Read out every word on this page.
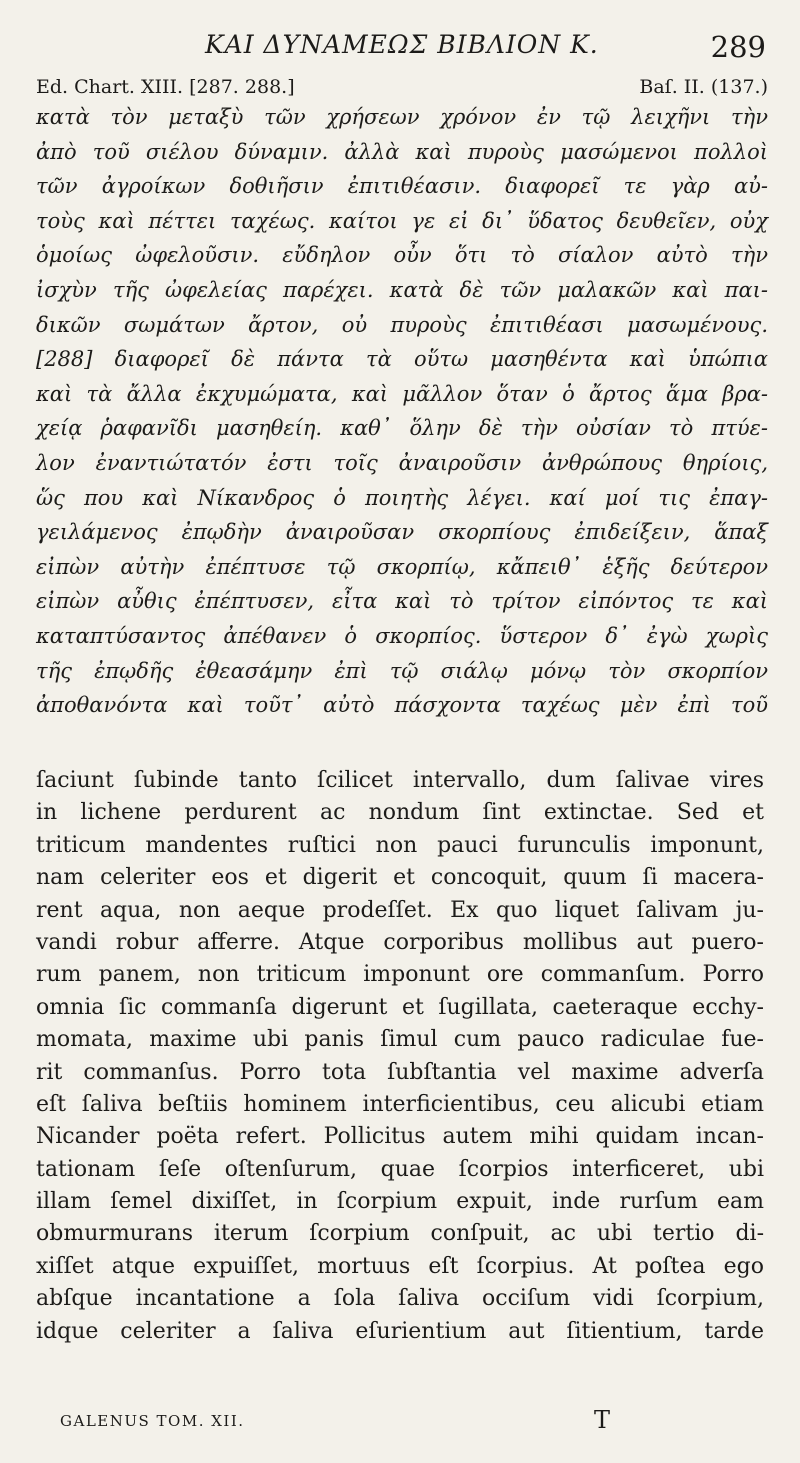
ΚΑΙ ΔΥΝΑΜΕΩΣ ΒΙΒΛΙΟΝ Κ.	289
Ed. Chart. XIII. [287. 288.]	Baſ. II. (137.)
κατὰ τὸν μεταξὺ τῶν χρήσεων χρόνον ἐν τῷ λειχῆνι τὴν
ἀπὸ τοῦ σιέλου δύναμιν. ἀλλὰ καὶ πυροὺς μασώμενοι πολλοὶ
τῶν ἀγροίκων δοθιῆσιν ἐπιτιθέασιν. διαφορεῖ τε γὰρ αὐ-
τοὺς καὶ πέττει ταχέως. καίτοι γε εἰ δι᾽ ὕδατος δευθεῖεν, οὐχ
ὁμοίως ὠφελοῦσιν. εὔδηλον οὖν ὅτι τὸ σίαλον αὐτὸ τὴν
ἰσχὺν τῆς ὠφελείας παρέχει. κατὰ δὲ τῶν μαλακῶν καὶ παι-
δικῶν σωμάτων ἄρτον, οὐ πυροὺς ἐπιτιθέασι μασωμένους.
[288] διαφορεῖ δὲ πάντα τὰ οὕτω μασηθέντα καὶ ὑπώπια
καὶ τὰ ἄλλα ἐκχυμώματα, καὶ μᾶλλον ὅταν ὁ ἄρτος ἅμα βρα-
χείᾳ ῥαφανῖδι μασηθείη. καθ᾽ ὅλην δὲ τὴν οὐσίαν τὸ πτύε-
λον ἐναντιώτατόν ἐστι τοῖς ἀναιροῦσιν ἀνθρώπους θηρίοις,
ὥς που καὶ Νίκανδρος ὁ ποιητὴς λέγει. καί μοί τις ἐπαγ-
γειλάμενος ἐπῳδὴν ἀναιροῦσαν σκορπίους ἐπιδείξειν, ἅπαξ
εἰπὼν αὐτὴν ἐπέπτυσε τῷ σκορπίῳ, κἄπειθ᾽ ἑξῆς δεύτερον
εἰπὼν αὖθις ἐπέπτυσεν, εἶτα καὶ τὸ τρίτον εἰπόντος τε καὶ
καταπτύσαντος ἀπέθανεν ὁ σκορπίος. ὕστερον δ᾽ ἐγὼ χωρὶς
τῆς ἐπῳδῆς ἐθεασάμην ἐπὶ τῷ σιάλῳ μόνῳ τὸν σκορπίον
ἀποθανόντα καὶ τοῦτ᾽ αὐτὸ πάσχοντα ταχέως μὲν ἐπὶ τοῦ
ſaciunt ſubinde tanto ſcilicet intervallo, dum ſalivae vires
in lichene perdurent ac nondum ſint extinctae. Sed et
triticum mandentes ruſtici non pauci furunculis imponunt,
nam celeriter eos et digerit et concoquit, quum ſi macera-
rent aqua, non aeque prodeſſet. Ex quo liquet ſalivam ju-
vandi robur afferre. Atque corporibus mollibus aut puero-
rum panem, non triticum imponunt ore commanſum. Porro
omnia ſic commanſa digerunt et ſugillata, caeteraque ecchy-
momata, maxime ubi panis ſimul cum pauco radiculae fue-
rit commanſus. Porro tota ſubſtantia vel maxime adverſa
eſt ſaliva beſtiis hominem interficientibus, ceu alicubi etiam
Nicander poëta refert. Pollicitus autem mihi quidam incan-
tationam ſeſe oſtenſurum, quae ſcorpios interficeret, ubi
illam ſemel dixiſſet, in ſcorpium expuit, inde rurſum eam
obmurmurans iterum ſcorpium conſpuit, ac ubi tertio di-
xiſſet atque expuiſſet, mortuus eſt ſcorpius. At poſtea ego
abſque incantatione a ſola ſaliva occiſum vidi ſcorpium,
idque celeriter a ſaliva eſurientium aut ſitientium, tarde
GALENUS TOM. XII.	T
